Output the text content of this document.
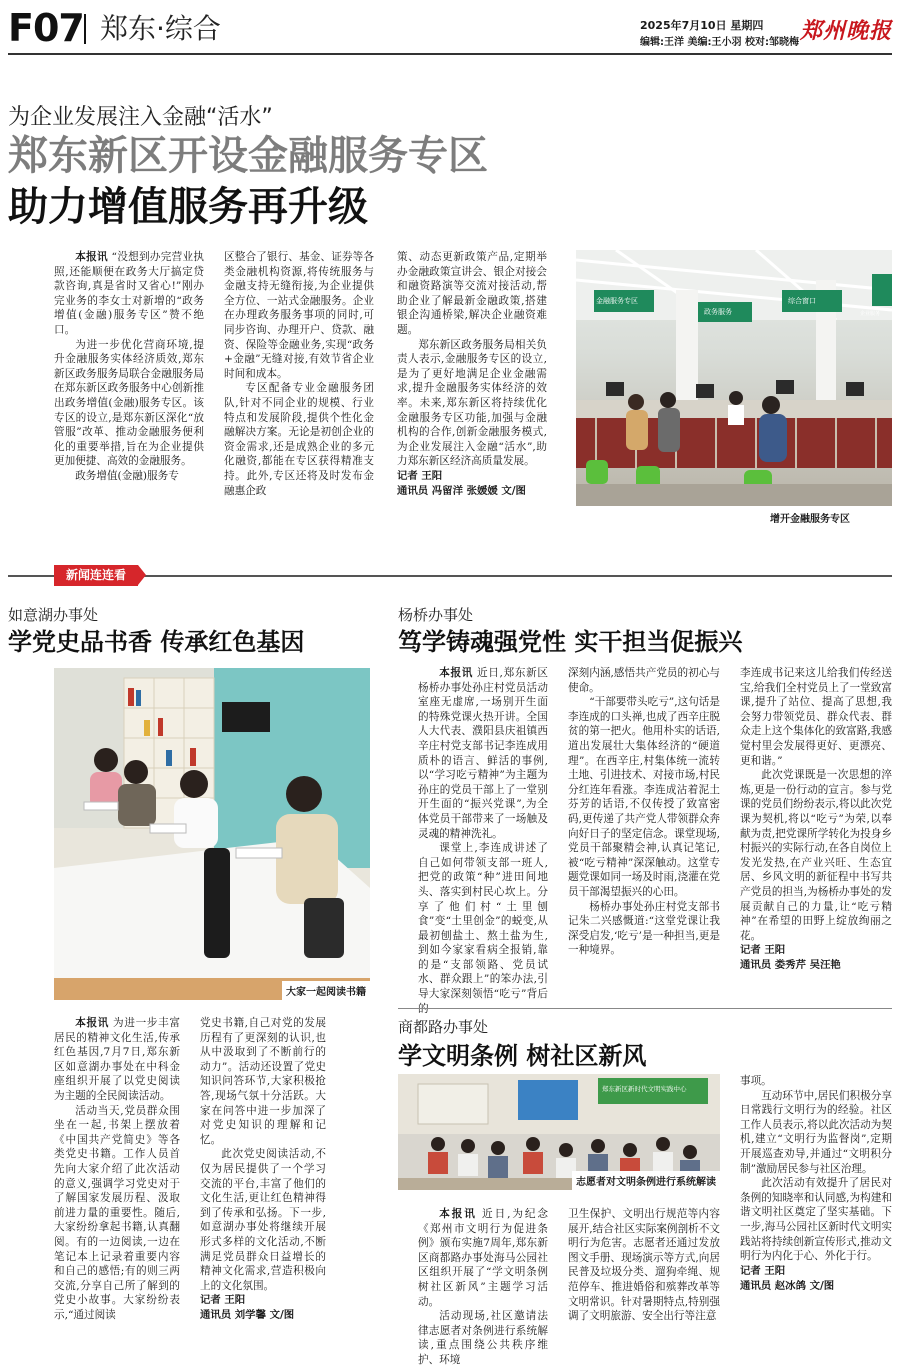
F07 郑东·综合	2025年7月10日 星期四
编辑:王洋 美编:王小羽 校对:邹晓梅 郑州晚报
为企业发展注入金融“活水”
郑东新区开设金融服务专区
助力增值服务再升级

本报讯 “没想到办完营业执照,还能顺便在政务大厅搞定贷款咨询,真是省时又省心!”刚办完业务的李女士对新增的“政务增值(金融)服务专区”赞不绝口。

为进一步优化营商环境,提升金融服务实体经济质效,郑东新区政务服务局联合金融服务局在郑东新区政务服务中心创新推出政务增值(金融)服务专区。该专区的设立,是郑东新区深化“放管服”改革、推动金融服务便利化的重要举措,旨在为企业提供更加便捷、高效的金融服务。

政务增值(金融)服务专

区整合了银行、基金、证券等各类金融机构资源,将传统服务与金融支持无缝衔接,为企业提供全方位、一站式金融服务。企业在办理政务服务事项的同时,可同步咨询、办理开户、贷款、融资、保险等金融业务,实现“政务+金融”无缝对接,有效节省企业时间和成本。

专区配备专业金融服务团队,针对不同企业的规模、行业特点和发展阶段,提供个性化金融解决方案。无论是初创企业的资金需求,还是成熟企业的多元化融资,都能在专区获得精准支持。此外,专区还将及时发布金融惠企政

策、动态更新政策产品,定期举办金融政策宣讲会、银企对接会和融资路演等交流对接活动,帮助企业了解最新金融政策,搭建银企沟通桥梁,解决企业融资难题。

郑东新区政务服务局相关负责人表示,金融服务专区的设立,是为了更好地满足企业金融需求,提升金融服务实体经济的效率。未来,郑东新区将持续优化金融服务专区功能,加强与金融机构的合作,创新金融服务模式,为企业发展注入金融“活水”,助力郑东新区经济高质量发展。

记者 王阳
通讯员 冯留洋 张媛媛 文/图
金融服务专区
政务服务
综合窗口
企业服务
增开金融服务专区
新闻连连看
如意湖办事处
学党史品书香 传承红色基因
大家一起阅读书籍

本报讯 为进一步丰富居民的精神文化生活,传承红色基因,7月7日,郑东新区如意湖办事处在中科金座组织开展了以党史阅读为主题的全民阅读活动。

活动当天,党员群众围坐在一起,书架上摆放着《中国共产党简史》等各类党史书籍。工作人员首先向大家介绍了此次活动的意义,强调学习党史对于了解国家发展历程、汲取前进力量的重要性。随后,大家纷纷拿起书籍,认真翻阅。有的一边阅读,一边在笔记本上记录着重要内容和自己的感悟;有的则三两交流,分享自己所了解到的党史小故事。大家纷纷表示,“通过阅读

党史书籍,自己对党的发展历程有了更深刻的认识,也从中汲取到了不断前行的动力”。活动还设置了党史知识问答环节,大家积极抢答,现场气氛十分活跃。大家在问答中进一步加深了对党史知识的理解和记忆。

此次党史阅读活动,不仅为居民提供了一个学习交流的平台,丰富了他们的文化生活,更让红色精神得到了传承和弘扬。下一步,如意湖办事处将继续开展形式多样的文化活动,不断满足党员群众日益增长的精神文化需求,营造积极向上的文化氛围。

记者 王阳
通讯员 刘学馨 文/图
杨桥办事处
笃学铸魂强党性 实干担当促振兴

本报讯 近日,郑东新区杨桥办事处孙庄村党员活动室座无虚席,一场别开生面的特殊党课火热开讲。全国人大代表、濮阳县庆祖镇西辛庄村党支部书记李连成用质朴的语言、鲜活的事例,以“学习吃亏精神”为主题为孙庄的党员干部上了一堂别开生面的“振兴党课”,为全体党员干部带来了一场触及灵魂的精神洗礼。

课堂上,李连成讲述了自己如何带领支部一班人,把党的政策“种”进田间地头、落实到村民心坎上。分享了他们村“土里刨食”变“土里创金”的蜕变,从最初刨盐土、熬土盐为生,到如今家家看病全报销,靠的是“支部领路、党员试水、群众跟上”的笨办法,引导大家深刻领悟“吃亏”背后

深刻内涵,感悟共产党员的初心与使命。

“干部要带头吃亏”,这句话是李连成的口头禅,也成了西辛庄脱贫的第一把火。他用朴实的话语,道出发展壮大集体经济的“硬道理”。在西辛庄,村集体统一流转土地、引进技术、对接市场,村民分红连年看涨。李连成沾着泥土芬芳的话语,不仅传授了致富密码,更传递了共产党人带领群众奔向好日子的坚定信念。课堂现场,党员干部聚精会神,认真记笔记,被“吃亏精神”深深触动。这堂专题党课如同一场及时雨,浇灌在党员干部渴望振兴的心田。

杨桥办事处孙庄村党支部书记朱二兴感慨道:“这堂党课让我深受启发,‘吃亏’是一种担当,更是一种境界。

李连成书记来这儿给我们传经送宝,给我们全村党员上了一堂致富课,提升了站位、提高了思想,我会努力带领党员、群众代表、群众走上这个集体化的致富路,我感觉村里会发展得更好、更漂亮、更和谐。”

此次党课既是一次思想的淬炼,更是一份行动的宣言。参与党课的党员们纷纷表示,将以此次党课为契机,将以“吃亏”为荣,以奉献为责,把党课所学转化为投身乡村振兴的实际行动,在各自岗位上发光发热,在产业兴旺、生态宜居、乡风文明的新征程中书写共产党员的担当,为杨桥办事处的发展贡献自己的力量,让“吃亏精神”在希望的田野上绽放绚丽之花。

记者 王阳
通讯员 娄秀芹 吴汪艳
商都路办事处
学文明条例 树社区新风
郑东新区新时代文明实践中心
志愿者对文明条例进行系统解读

本报讯 近日,为纪念《郑州市文明行为促进条例》颁布实施7周年,郑东新区商都路办事处海马公园社区组织开展了“学文明条例 树社区新风”主题学习活动。

活动现场,社区邀请法律志愿者对条例进行系统解读,重点围绕公共秩序维护、环境

卫生保护、文明出行规范等内容展开,结合社区实际案例剖析不文明行为危害。志愿者还通过发放图文手册、现场演示等方式,向居民普及垃圾分类、遛狗牵绳、规范停车、推进婚俗和殡葬改革等文明常识。针对暑期特点,特别强调了文明旅游、安全出行等注意

事项。

互动环节中,居民们积极分享日常践行文明行为的经验。社区工作人员表示,将以此次活动为契机,建立“文明行为监督岗”,定期开展巡查劝导,并通过“文明积分制”激励居民参与社区治理。

此次活动有效提升了居民对条例的知晓率和认同感,为构建和谐文明社区奠定了坚实基础。下一步,海马公园社区新时代文明实践站将持续创新宣传形式,推动文明行为内化于心、外化于行。

记者 王阳
通讯员 赵冰鸽 文/图
